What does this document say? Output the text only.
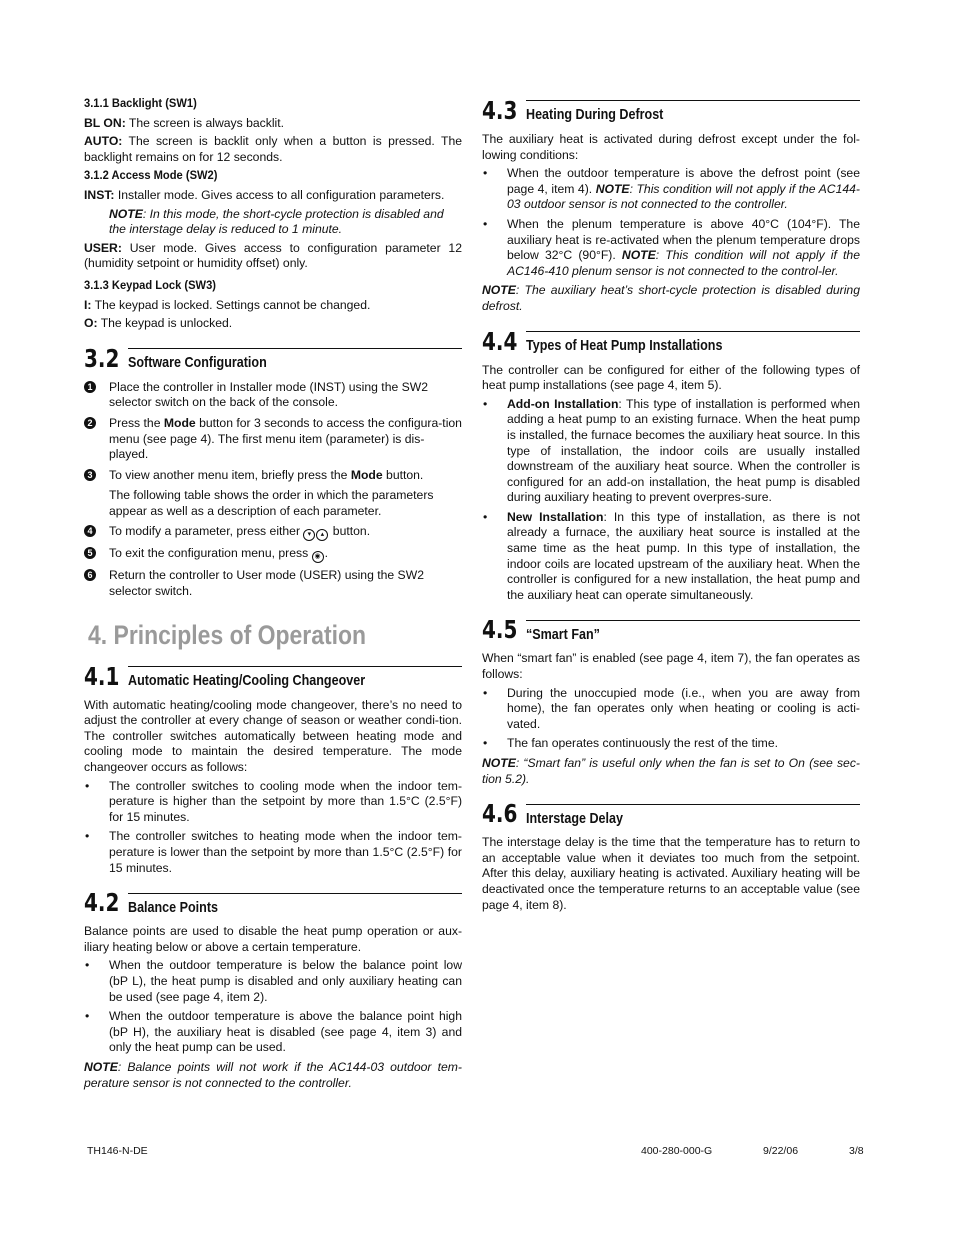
3.1.1 Backlight (SW1)

BL ON: The screen is always backlit.

AUTO: The screen is backlit only when a button is pressed. The backlight remains on for 12 seconds.

3.1.2 Access Mode (SW2)

INST: Installer mode. Gives access to all configuration parameters.

NOTE: In this mode, the short-cycle protection is disabled and the interstage delay is reduced to 1 minute.

USER: User mode. Gives access to configuration parameter 12 (humidity setpoint or humidity offset) only.

3.1.3 Keypad Lock (SW3)

I: The keypad is locked. Settings cannot be changed.

O: The keypad is unlocked.

3.2 Software Configuration
1 Place the controller in Installer mode (INST) using the SW2 selector switch on the back of the console.
2 Press the Mode button for 3 seconds to access the configura-tion menu (see page 4). The first menu item (parameter) is dis-played.
3 To view another menu item, briefly press the Mode button.
The following table shows the order in which the parameters appear as well as a description of each parameter.
4 To modify a parameter, press either ▾ ▴ button.
5 To exit the configuration menu, press ◉ .
6 Return the controller to User mode (USER) using the SW2 selector switch.
4. Principles of Operation
4.1 Automatic Heating/Cooling Changeover

With automatic heating/cooling mode changeover, there’s no need to adjust the controller at every change of season or weather condi-tion. The controller switches automatically between heating mode and cooling mode to maintain the desired temperature. The mode changeover occurs as follows:

• The controller switches to cooling mode when the indoor tem-perature is higher than the setpoint by more than 1.5°C (2.5°F) for 15 minutes.
• The controller switches to heating mode when the indoor tem-perature is lower than the setpoint by more than 1.5°C (2.5°F) for 15 minutes.
4.2 Balance Points

Balance points are used to disable the heat pump operation or aux-iliary heating below or above a certain temperature.

• When the outdoor temperature is below the balance point low (bP L), the heat pump is disabled and only auxiliary heating can be used (see page 4, item 2).
• When the outdoor temperature is above the balance point high (bP H), the auxiliary heat is disabled (see page 4, item 3) and only the heat pump can be used.

NOTE: Balance points will not work if the AC144-03 outdoor tem-perature sensor is not connected to the controller.

4.3 Heating During Defrost

The auxiliary heat is activated during defrost except under the fol-lowing conditions:

• When the outdoor temperature is above the defrost point (see page 4, item 4). NOTE: This condition will not apply if the AC144-03 outdoor sensor is not connected to the controller.
• When the plenum temperature is above 40°C (104°F). The auxiliary heat is re-activated when the plenum temperature drops below 32°C (90°F). NOTE: This condition will not apply if the AC146-410 plenum sensor is not connected to the control-ler.

NOTE: The auxiliary heat’s short-cycle protection is disabled during defrost.

4.4 Types of Heat Pump Installations

The controller can be configured for either of the following types of heat pump installations (see page 4, item 5).

• Add-on Installation: This type of installation is performed when adding a heat pump to an existing furnace. When the heat pump is installed, the furnace becomes the auxiliary heat source. In this type of installation, the indoor coils are usually installed downstream of the auxiliary heat source. When the controller is configured for an add-on installation, the heat pump is disabled during auxiliary heating to prevent overpres-sure.
• New Installation: In this type of installation, as there is not already a furnace, the auxiliary heat source is installed at the same time as the heat pump. In this type of installation, the indoor coils are located upstream of the auxiliary heat. When the controller is configured for a new installation, the heat pump and the auxiliary heat can operate simultaneously.
4.5 “Smart Fan”

When “smart fan” is enabled (see page 4, item 7), the fan operates as follows:

• During the unoccupied mode (i.e., when you are away from home), the fan operates only when heating or cooling is acti-vated.
• The fan operates continuously the rest of the time.

NOTE: “Smart fan” is useful only when the fan is set to On (see sec-tion 5.2).

4.6 Interstage Delay

The interstage delay is the time that the temperature has to return to an acceptable value when it deviates too much from the setpoint. After this delay, auxiliary heating is activated. Auxiliary heating will be deactivated once the temperature returns to an acceptable value (see page 4, item 8).

TH146-N-DE	400-280-000-G	9/22/06	3/8
